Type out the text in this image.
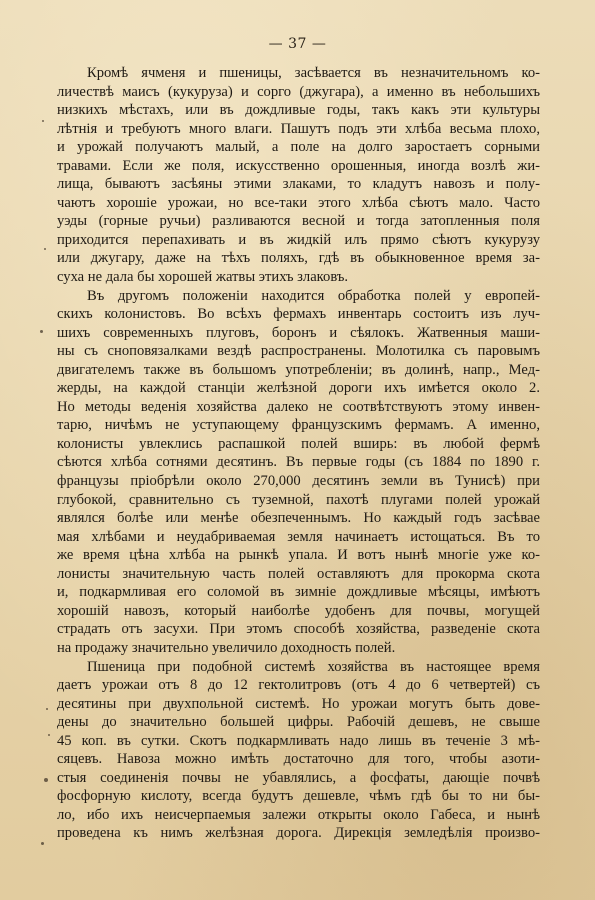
— 37 —
Кромѣ ячменя и пшеницы, засѣвается въ незначительномъ ко-
личествѣ маисъ (кукуруза) и сорго (джугара), а именно въ небольшихъ
низкихъ мѣстахъ, или въ дождливые годы, такъ какъ эти культуры
лѣтнія и требуютъ много влаги. Пашутъ подъ эти хлѣба весьма плохо,
и урожай получаютъ малый, а поле на долго заростаетъ сорными
травами. Если же поля, искусственно орошенныя, иногда возлѣ жи-
лища, бываютъ засѣяны этими злаками, то кладутъ навозъ и полу-
чаютъ хорошіе урожаи, но все-таки этого хлѣба сѣютъ мало. Часто
уэды (горные ручьи) разливаются весной и тогда затопленныя поля
приходится перепахивать и въ жидкій илъ прямо сѣютъ кукурузу
или джугару, даже на тѣхъ поляхъ, гдѣ въ обыкновенное время за-
суха не дала бы хорошей жатвы этихъ злаковъ.
Въ другомъ положеніи находится обработка полей у европей-
скихъ колонистовъ. Во всѣхъ фермахъ инвентарь состоитъ изъ луч-
шихъ современныхъ плуговъ, боронъ и сѣялокъ. Жатвенныя маши-
ны съ сноповязалками вездѣ распространены. Молотилка съ паровымъ
двигателемъ также въ большомъ употребленіи; въ долинѣ, напр., Мед-
жерды, на каждой станціи желѣзной дороги ихъ имѣется около 2.
Но методы веденія хозяйства далеко не соотвѣтствуютъ этому инвен-
тарю, ничѣмъ не уступающему французскимъ фермамъ. А именно,
колонисты увлеклись распашкой полей вширь: въ любой фермѣ
сѣются хлѣба сотнями десятинъ. Въ первые годы (съ 1884 по 1890 г.
французы пріобрѣли около 270,000 десятинъ земли въ Тунисѣ) при
глубокой, сравнительно съ туземной, пахотѣ плугами полей урожай
являлся болѣе или менѣе обезпеченнымъ. Но каждый годъ засѣвае
мая хлѣбами и неудабриваемая земля начинаетъ истощаться. Въ то
же время цѣна хлѣба на рынкѣ упала. И вотъ нынѣ многіе уже ко-
лонисты значительную часть полей оставляютъ для прокорма скота
и, подкармливая его соломой въ зимніе дождливые мѣсяцы, имѣютъ
хорошій навозъ, который наиболѣе удобенъ для почвы, могущей
страдать отъ засухи. При этомъ способѣ хозяйства, разведеніе скота
на продажу значительно увеличило доходность полей.
Пшеница при подобной системѣ хозяйства въ настоящее время
даетъ урожаи отъ 8 до 12 гектолитровъ (отъ 4 до 6 четвертей) съ
десятины при двухпольной системѣ. Но урожаи могутъ быть дове-
дены до значительно большей цифры. Рабочій дешевъ, не свыше
45 коп. въ сутки. Скотъ подкармливать надо лишь въ теченіе 3 мѣ-
сяцевъ. Навоза можно имѣть достаточно для того, чтобы азоти-
стыя соединенія почвы не убавлялись, а фосфаты, дающіе почвѣ
фосфорную кислоту, всегда будутъ дешевле, чѣмъ гдѣ бы то ни бы-
ло, ибо ихъ неисчерпаемыя залежи открыты около Габеса, и нынѣ
проведена къ нимъ желѣзная дорога. Дирекція земледѣлія произво-
